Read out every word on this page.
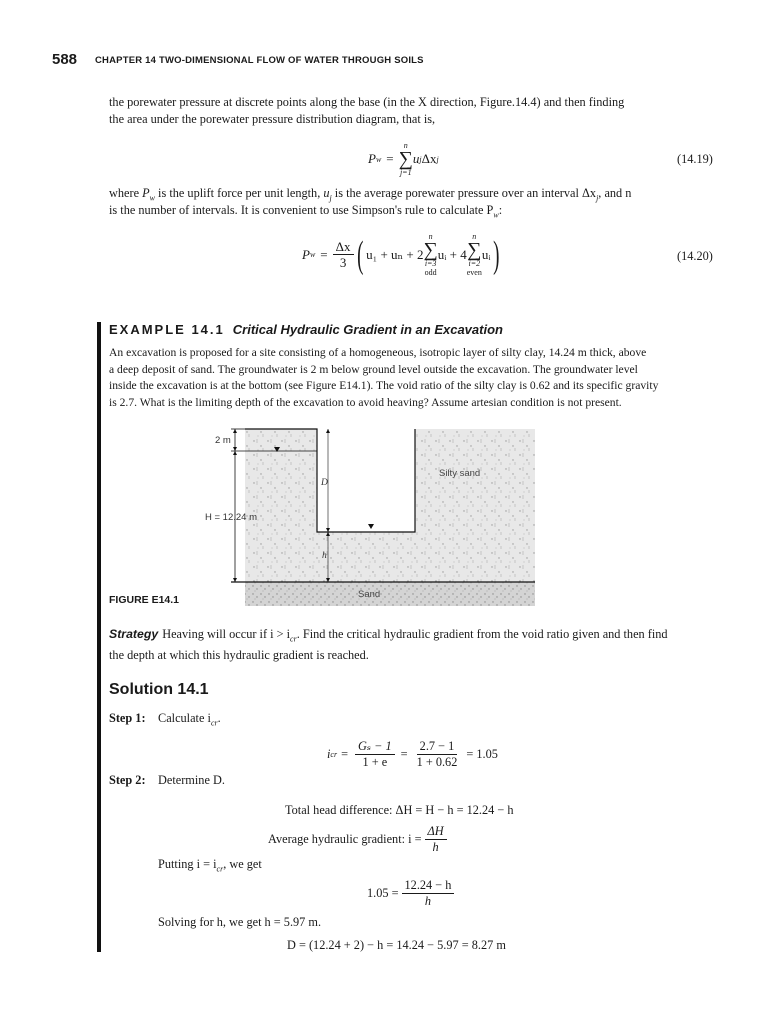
588 CHAPTER 14 TWO-DIMENSIONAL FLOW OF WATER THROUGH SOILS
the porewater pressure at discrete points along the base (in the X direction, Figure.14.4) and then finding
the area under the porewater pressure distribution diagram, that is,
P w =
n
∑
j=1
u j Δx j	(14.19)
where $P_w$ is the uplift force per unit length, $u_j$ is the average porewater pressure over an interval $\Delta x_j$, and n
is the number of intervals. It is convenient to use Simpson's rule to calculate $P_w$:
P $w = \frac{\Delta x}{3}$ ( u₁ + uₙ + 2
n
∑
i=3
odd
uᵢ + 4
n
∑
i=2
even
uᵢ )	(14.20)
EXAMPLE 14.1 Critical Hydraulic Gradient in an Excavation
An excavation is proposed for a site consisting of a homogeneous, isotropic layer of silty clay, 14.24 m thick, above
a deep deposit of sand. The groundwater is 2 m below ground level outside the excavation. The groundwater level
inside the excavation is at the bottom (see Figure E14.1). The void ratio of the silty clay is 0.62 and its specific gravity
is 2.7. What is the limiting depth of the excavation to avoid heaving? Assume artesian condition is not present.
2 m
H = 12.24 m
D
h
Silty sand
Sand
FIGURE E14.1
Strategy Heaving will occur if $i > i_{cr}$. Find the critical hydraulic gradient from the void ratio given and then find
the depth at which this hydraulic gradient is reached.
Solution 14.1
Step 1: Calculate $i_{cr}$.
i cr = $\frac{\text{Gₛ − 1}}{1 + e} = \frac{2.7 - 1}{1 + 0.62} = 1.05$
Step 2: Determine D.
Total head difference: ΔH = H − h = 12.24 − h
Average hydraulic gradient: $i = \frac{\Delta H}{h}$
Putting $i = i_{cr}$, we get
$1.05 = \frac{12.24 - h}{h}$
Solving for h, we get h = 5.97 m.
D = (12.24 + 2) − h = 14.24 − 5.97 = 8.27 m
